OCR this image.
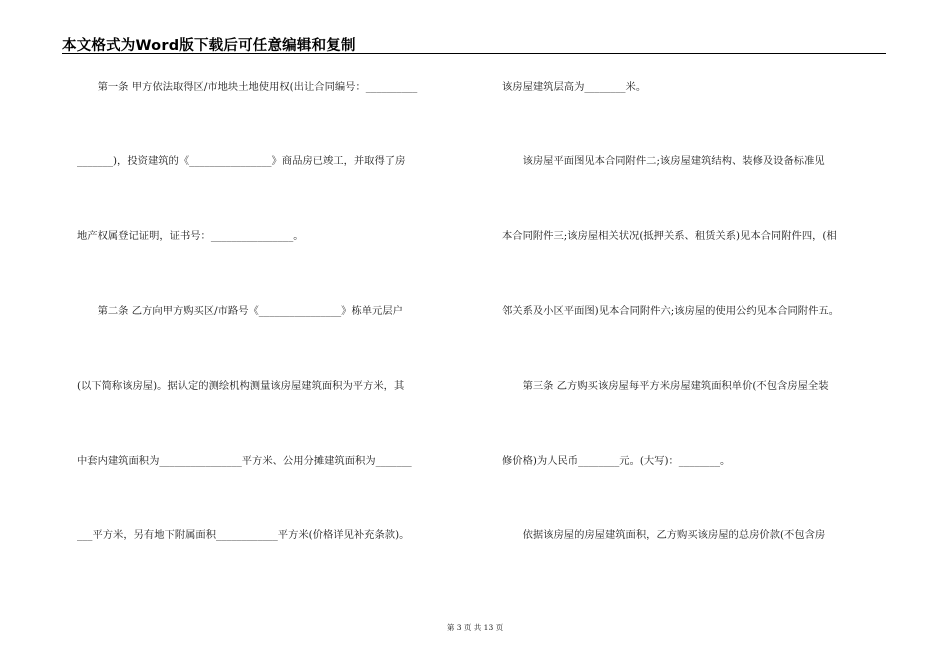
本文格式为Word版下载后可任意编辑和复制
　　第一条 甲方依法取得区/市地块土地使用权(出让合同编号：__________
_______)，投资建筑的《________________》商品房已竣工，并取得了房
地产权属登记证明，证书号：________________。
　　第二条 乙方向甲方购买区/市路号《________________》栋单元层户
(以下简称该房屋)。据认定的测绘机构测量该房屋建筑面积为平方米，其
中套内建筑面积为________________平方米、公用分摊建筑面积为_______
___平方米，另有地下附属面积____________平方米(价格详见补充条款)。
该房屋建筑层高为________米。
　　该房屋平面图见本合同附件二;该房屋建筑结构、装修及设备标准见
本合同附件三;该房屋相关状况(抵押关系、租赁关系)见本合同附件四，(相
邻关系及小区平面图)见本合同附件六;该房屋的使用公约见本合同附件五。
　　第三条 乙方购买该房屋每平方米房屋建筑面积单价(不包含房屋全装
修价格)为人民币________元。(大写)：________。
　　依据该房屋的房屋建筑面积，乙方购买该房屋的总房价款(不包含房
第 3 页 共 13 页
